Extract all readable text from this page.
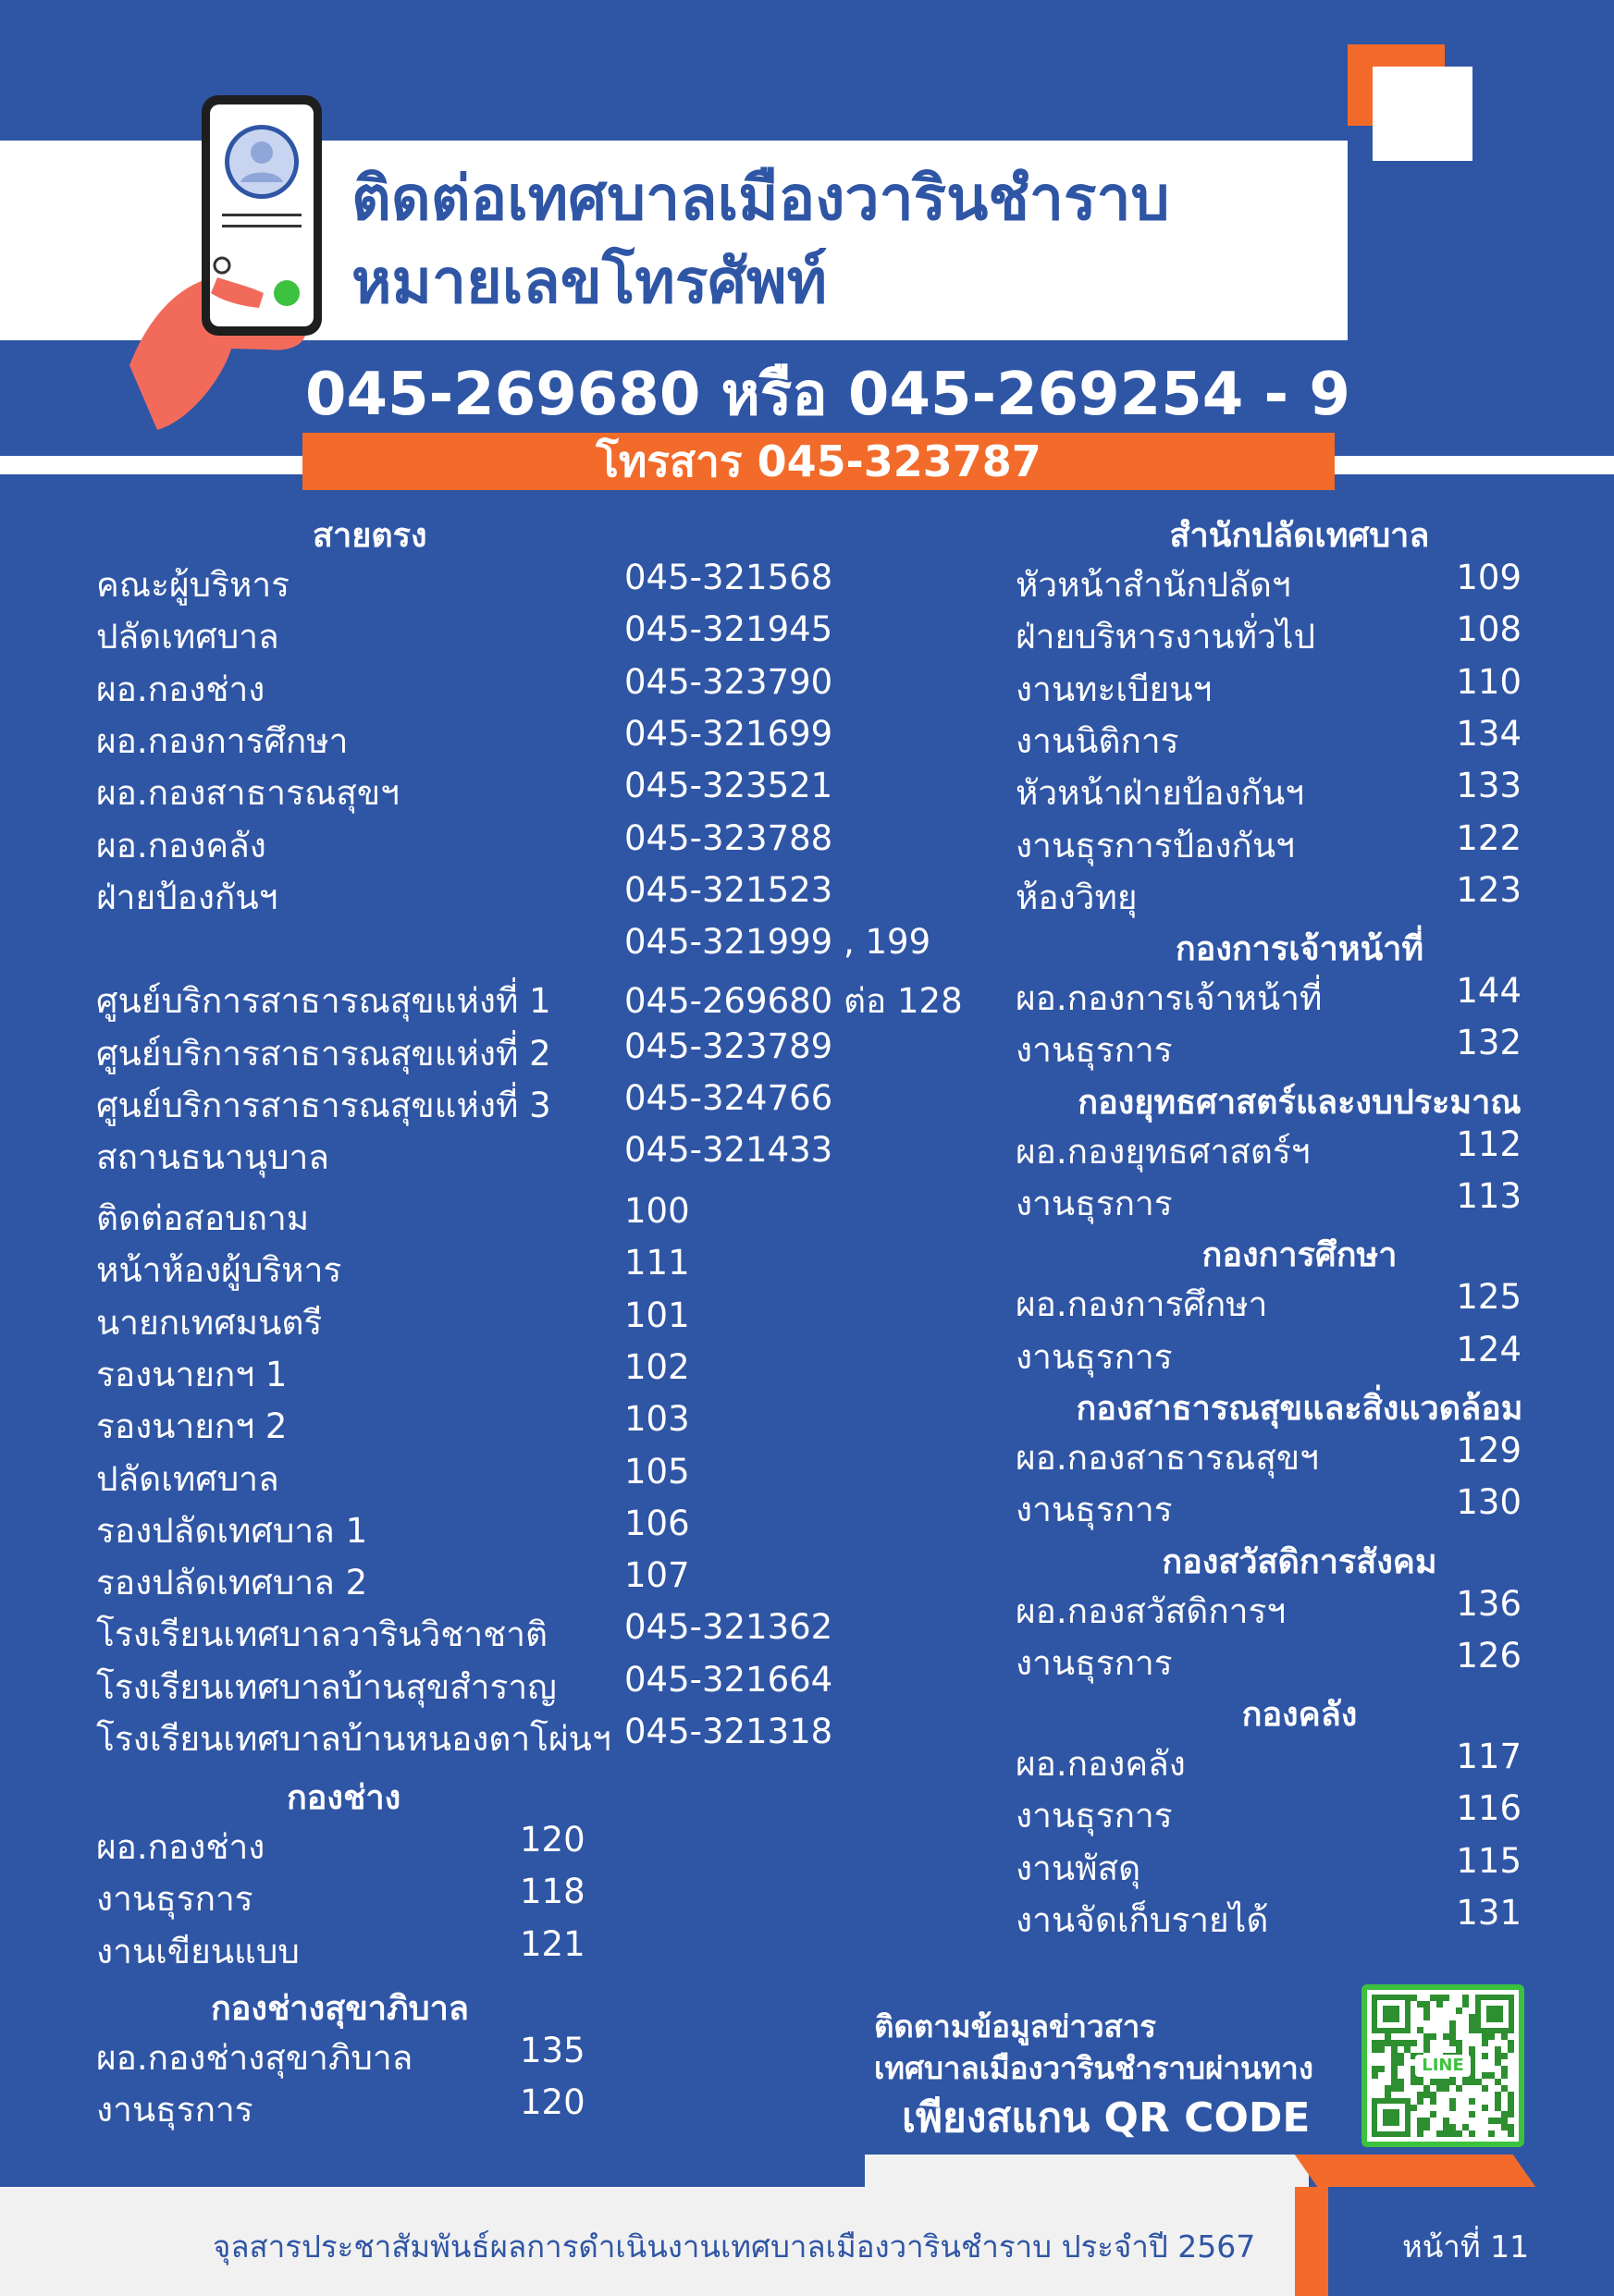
ติดต่อเทศบาลเมืองวารินชำราบ
หมายเลขโทรศัพท์
045-269680 หรือ 045-269254 - 9
โทรสาร 045-323787
สายตรง
คณะผู้บริหาร	045-321568
ปลัดเทศบาล	045-321945
ผอ.กองช่าง	045-323790
ผอ.กองการศึกษา	045-321699
ผอ.กองสาธารณสุขฯ	045-323521
ผอ.กองคลัง	045-323788
ฝ่ายป้องกันฯ	045-321523
045-321999 , 199
ศูนย์บริการสาธารณสุขแห่งที่ 1 045-269680 ต่อ 128
ศูนย์บริการสาธารณสุขแห่งที่ 2 045-323789
ศูนย์บริการสาธารณสุขแห่งที่ 3 045-324766
สถานธนานุบาล	045-321433
ติดต่อสอบถาม	100
หน้าห้องผู้บริหาร	111
นายกเทศมนตรี	101
รองนายกฯ 1	102
รองนายกฯ 2	103
ปลัดเทศบาล	105
รองปลัดเทศบาล 1	106
รองปลัดเทศบาล 2	107
โรงเรียนเทศบาลวารินวิชาชาติ 045-321362
โรงเรียนเทศบาลบ้านสุขสำราญ 045-321664
โรงเรียนเทศบาลบ้านหนองตาโผ่นฯ 045-321318
กองช่าง
ผอ.กองช่าง	120
งานธุรการ	118
งานเขียนแบบ	121
กองช่างสุขาภิบาล
ผอ.กองช่างสุขาภิบาล	135
งานธุรการ	120
สำนักปลัดเทศบาล
หัวหน้าสำนักปลัดฯ	109
ฝ่ายบริหารงานทั่วไป	108
งานทะเบียนฯ	110
งานนิติการ	134
หัวหน้าฝ่ายป้องกันฯ	133
งานธุรการป้องกันฯ	122
ห้องวิทยุ	123
กองการเจ้าหน้าที่
ผอ.กองการเจ้าหน้าที่	144
งานธุรการ	132
กองยุทธศาสตร์และงบประมาณ
ผอ.กองยุทธศาสตร์ฯ	112
งานธุรการ	113
กองการศึกษา
ผอ.กองการศึกษา	125
งานธุรการ	124
กองสาธารณสุขและสิ่งแวดล้อม
ผอ.กองสาธารณสุขฯ	129
งานธุรการ	130
กองสวัสดิการสังคม
ผอ.กองสวัสดิการฯ	136
งานธุรการ	126
กองคลัง
ผอ.กองคลัง	117
งานธุรการ	116
งานพัสดุ	115
งานจัดเก็บรายได้	131
ติดตามข้อมูลข่าวสาร
เทศบาลเมืองวารินชำราบผ่านทาง
เพียงสแกน QR CODE
LINE
จุลสารประชาสัมพันธ์ผลการดำเนินงานเทศบาลเมืองวารินชำราบ ประจำปี 2567	หน้าที่ 11
